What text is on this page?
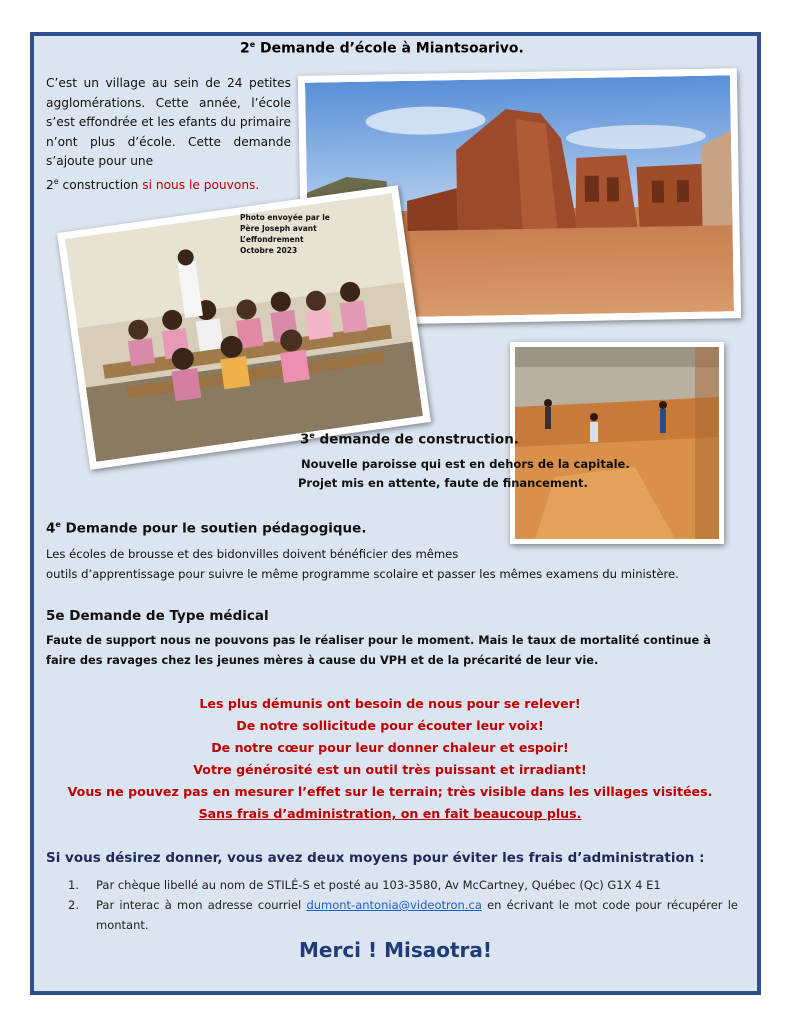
2e Demande d’école à Miantsoarivo.
C’est un village au sein de 24 petites agglomérations. Cette année, l’école s’est effondrée et les efants du primaire n’ont plus d’école. Cette demande s’ajoute pour une
2e construction si nous le pouvons.
Photo envoyée par le
Père Joseph avant
L’effondrement
Octobre 2023
3e demande de construction.
Nouvelle paroisse qui est en dehors de la capitale.
Projet mis en attente, faute de financement.
4e Demande pour le soutien pédagogique.
Les écoles de brousse et des bidonvilles doivent bénéficier des mêmes
outils d’apprentissage pour suivre le même programme scolaire et passer les mêmes examens du ministère.
5e Demande de Type médical
Faute de support nous ne pouvons pas le réaliser pour le moment. Mais le taux de mortalité continue à
faire des ravages chez les jeunes mères à cause du VPH et de la précarité de leur vie.
Les plus démunis ont besoin de nous pour se relever!
De notre sollicitude pour écouter leur voix!
De notre cœur pour leur donner chaleur et espoir!
Votre générosité est un outil très puissant et irradiant!
Vous ne pouvez pas en mesurer l’effet sur le terrain; très visible dans les villages visitées.
Sans frais d’administration, on en fait beaucoup plus.
Si vous désirez donner, vous avez deux moyens pour éviter les frais d’administration :
1.	Par chèque libellé au nom de STILÉ-S et posté au 103-3580, Av McCartney, Québec (Qc) G1X 4 E1
2.	Par interac à mon adresse courriel dumont-antonia@videotron.ca en écrivant le mot code pour récupérer le montant.
Merci ! Misaotra!
